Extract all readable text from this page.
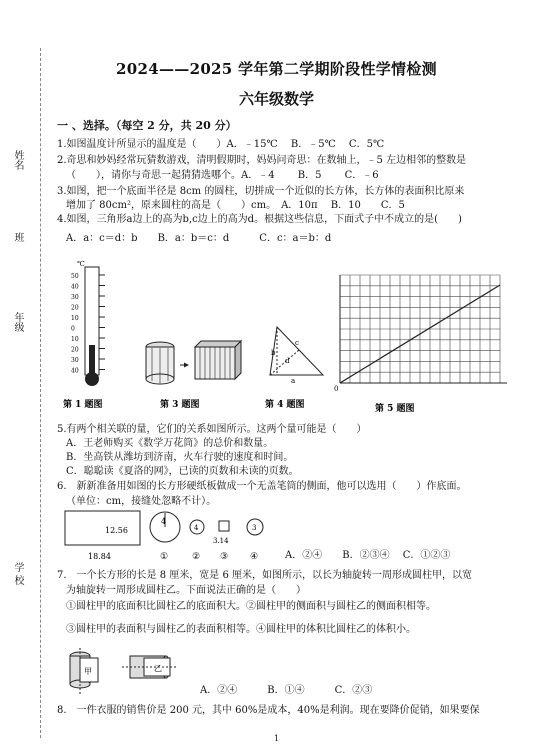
姓名
班
年级
学 校
2024——2025 学年第二学期阶段性学情检测
六年级数学
一 、选择。（每空 2 分，共 20 分）
1.如图温度计所显示的温度是（　　）A．﹣15℃　 B．﹣5℃　 C．5℃
2.奇思和妙妈经常玩猜数游戏，清明假期时，妈妈问奇思：在数轴上，﹣5 左边相邻的整数是
（　　），请你与奇思一起猜猜选哪个。A．﹣4　　 B．5　　 C．﹣6
3.如图，把一个底面半径是 8cm 的圆柱，切拼成一个近似的长方体，长方体的表面积比原来
增加了 80cm²，原来圆柱的高是（　　）cm。　A．10π　 B．10　　C．5
4.如图，三角形a边上的高为b,c边上的高为d。根据这些信息，下面式子中不成立的是(　　)
A．a：c＝d：b　　B．a：b＝c：d　　　C．c：a＝b：d
℃
50
40
30
20
10
0
10
20
30
40
b
c
d
a
0
第 1 题图	第 3 题图	第 4 题图	第 5 题图
5.有两个相关联的量，它们的关系如图所示。这两个量可能是（　　）
A．王老师购买《数学万花筒》的总价和数量。
B．坐高铁从潍坊到济南，火车行驶的速度和时间。
C．聪聪读《夏洛的网》，已读的页数和未读的页数。
6.　新新准备用如图的长方形硬纸板做成一个无盖笔筒的侧面，他可以选用（　　）作底面。
（单位：cm，接缝处忽略不计）。
12.56
18.84
4
4
3.14
3
①	② ③ ④	A．②④　　B．②③④　 C．①②③
7.　一个长方形的长是 8 厘米，宽是 6 厘米，如图所示，以长为轴旋转一周形成圆柱甲，以宽
为轴旋转一周形成圆柱乙。下面说法正确的是（　　）
①圆柱甲的底面积比圆柱乙的底面积大。②圆柱甲的侧面积与圆柱乙的侧面积相等。
③圆柱甲的表面积与圆柱乙的表面积相等。④圆柱甲的体积比圆柱乙的体积小。
甲	乙
A．②④　　　B．①④　　　C．②③
8.　一件衣服的销售价是 200 元，其中 60%是成本，40%是利润。现在要降价促销，如果要保
1
